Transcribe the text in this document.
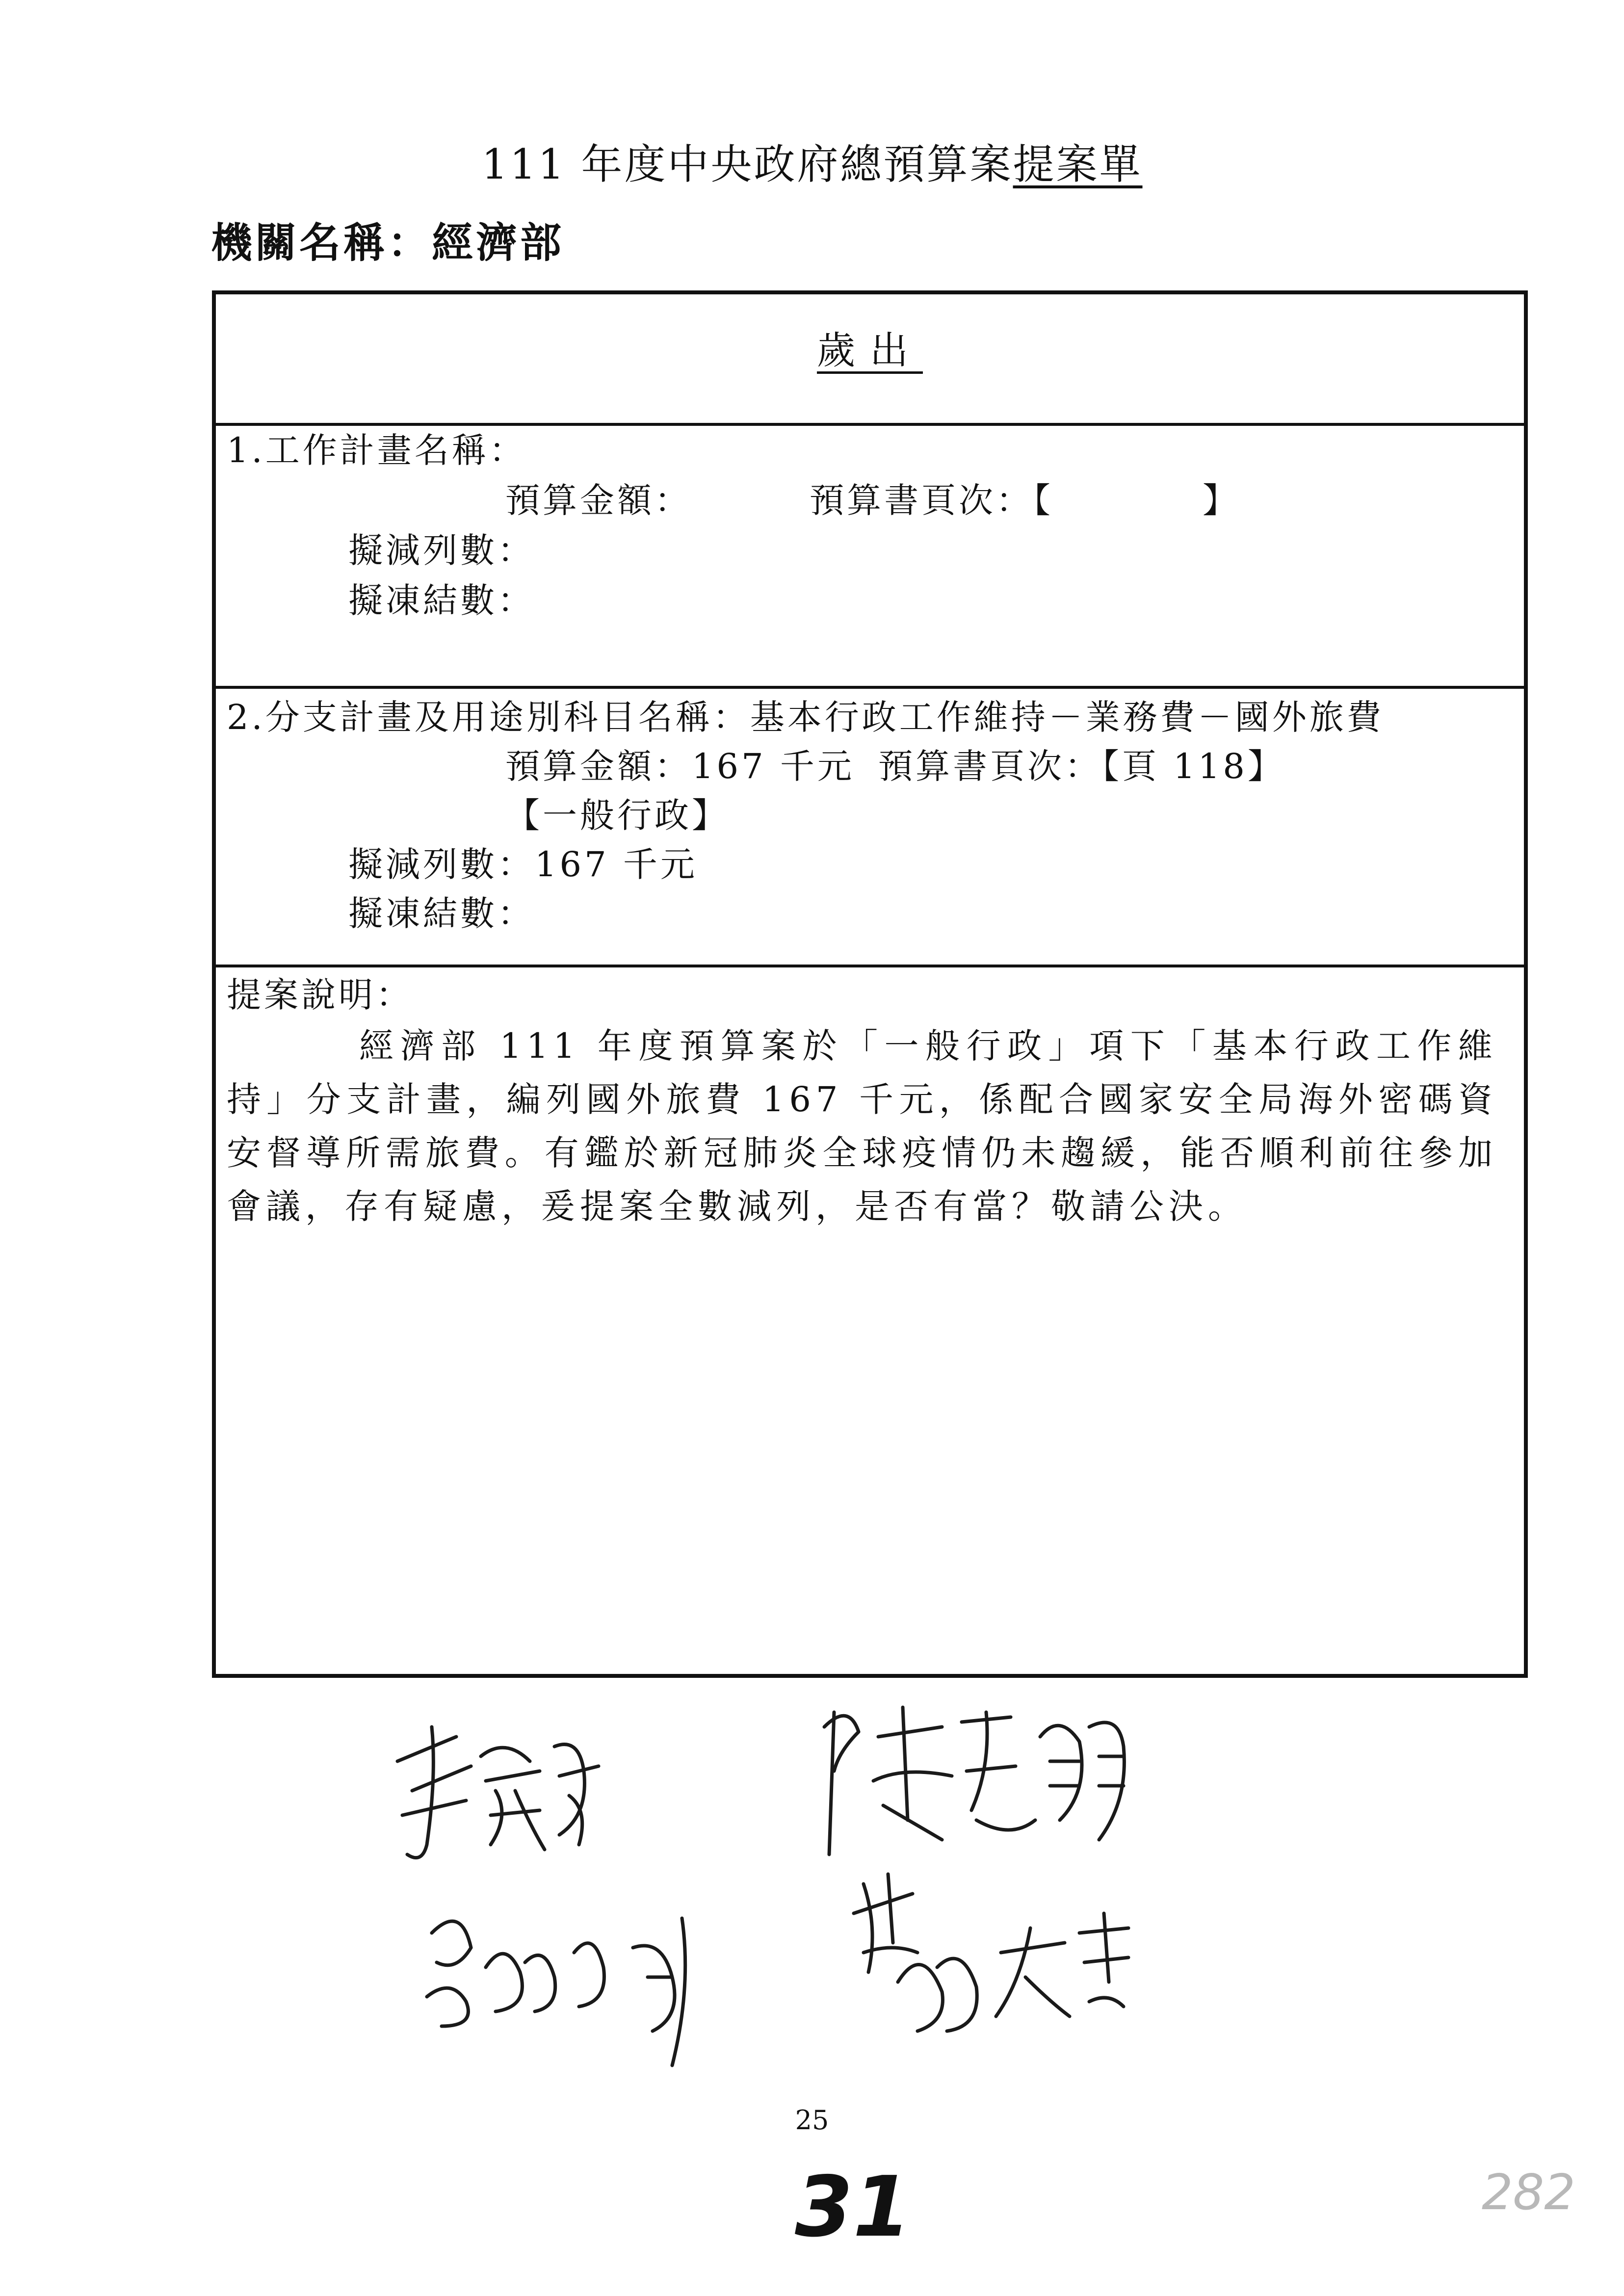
111 年度中央政府總預算案提案單
機關名稱：經濟部
歲出
1.工作計畫名稱：
預算金額：	預算書頁次：【　　　　】
擬減列數：
擬凍結數：
2.分支計畫及用途別科目名稱：基本行政工作維持－業務費－國外旅費
預算金額：167 千元 預算書頁次：【頁 118】
【一般行政】
擬減列數：167 千元
擬凍結數：
提案說明：
經濟部 111 年度預算案於「一般行政」項下「基本行政工作維持」分支計畫，編列國外旅費 167 千元，係配合國家安全局海外密碼資安督導所需旅費。有鑑於新冠肺炎全球疫情仍未趨緩，能否順利前往參加會議，存有疑慮，爰提案全數減列，是否有當？敬請公決。
25
31	282
